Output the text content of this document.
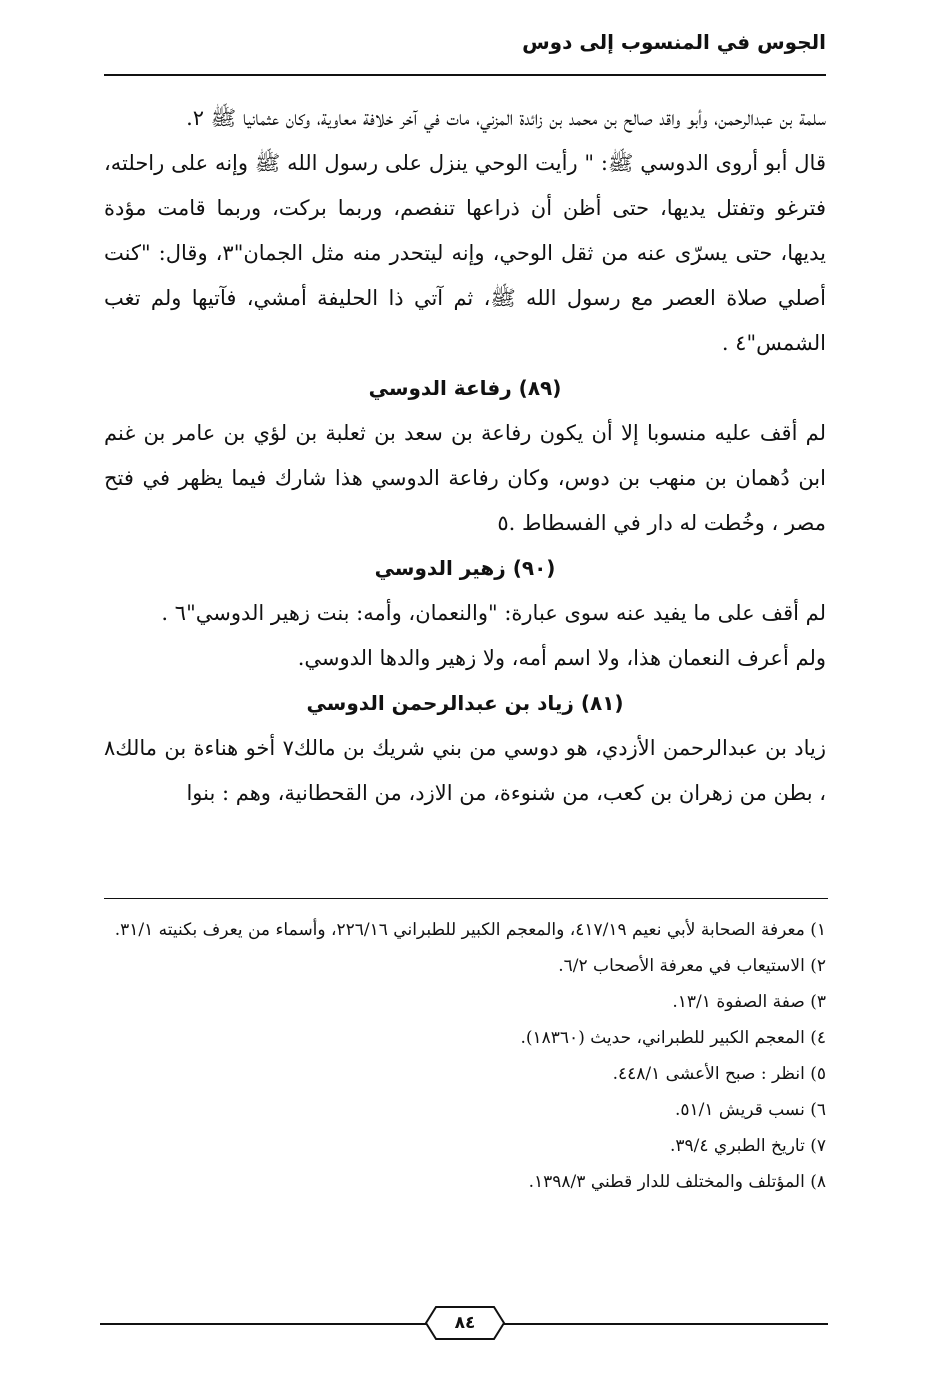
الجوس في المنسوب إلى دوس

سلمة بن عبدالرحمن، وأبو واقد صالح بن محمد بن زائدة المزني، مات في آخر خلافة معاوية، وكان عثمانيا ﷺ ٢.

قال أبو أروى الدوسي ﷺ: " رأيت الوحي ينزل على رسول الله ﷺ وإنه على راحلته، فترغو وتفتل يديها، حتى أظن أن ذراعها تنفصم، وربما بركت، وربما قامت مؤدة يديها، حتى يسرّى عنه من ثقل الوحي، وإنه ليتحدر منه مثل الجمان"٣، وقال: "كنت أصلي صلاة العصر مع رسول الله ﷺ، ثم آتي ذا الحليفة أمشي، فآتيها ولم تغب الشمس"٤ .

(٨٩) رفاعة الدوسي

لم أقف عليه منسوبا إلا أن يكون رفاعة بن سعد بن ثعلبة بن لؤي بن عامر بن غنم ابن دُهمان بن منهب بن دوس، وكان رفاعة الدوسي هذا شارك فيما يظهر في فتح مصر ، وخُطت له دار في الفسطاط .٥

(٩٠) زهير الدوسي

لم أقف على ما يفيد عنه سوى عبارة: "والنعمان، وأمه: بنت زهير الدوسي"٦ .

ولم أعرف النعمان هذا، ولا اسم أمه، ولا زهير والدها الدوسي.

(٨١) زياد بن عبدالرحمن الدوسي

زياد بن عبدالرحمن الأزدي، هو دوسي من بني شريك بن مالك٧ أخو هناءة بن مالك٨ ، بطن من زهران بن كعب، من شنوءة، من الازد، من القحطانية، وهم : بنوا

١) معرفة الصحابة لأبي نعيم ٤١٧/١٩، والمعجم الكبير للطبراني ٢٢٦/١٦، وأسماء من يعرف بكنيته ٣١/١.

٢) الاستيعاب في معرفة الأصحاب ٦/٢.

٣) صفة الصفوة ١٣/١.

٤) المعجم الكبير للطبراني، حديث (١٨٣٦٠).

٥) انظر : صبح الأعشى ٤٤٨/١.

٦) نسب قريش ٥١/١.

٧) تاريخ الطبري ٣٩/٤.

٨) المؤتلف والمختلف للدار قطني ١٣٩٨/٣.

٨٤
